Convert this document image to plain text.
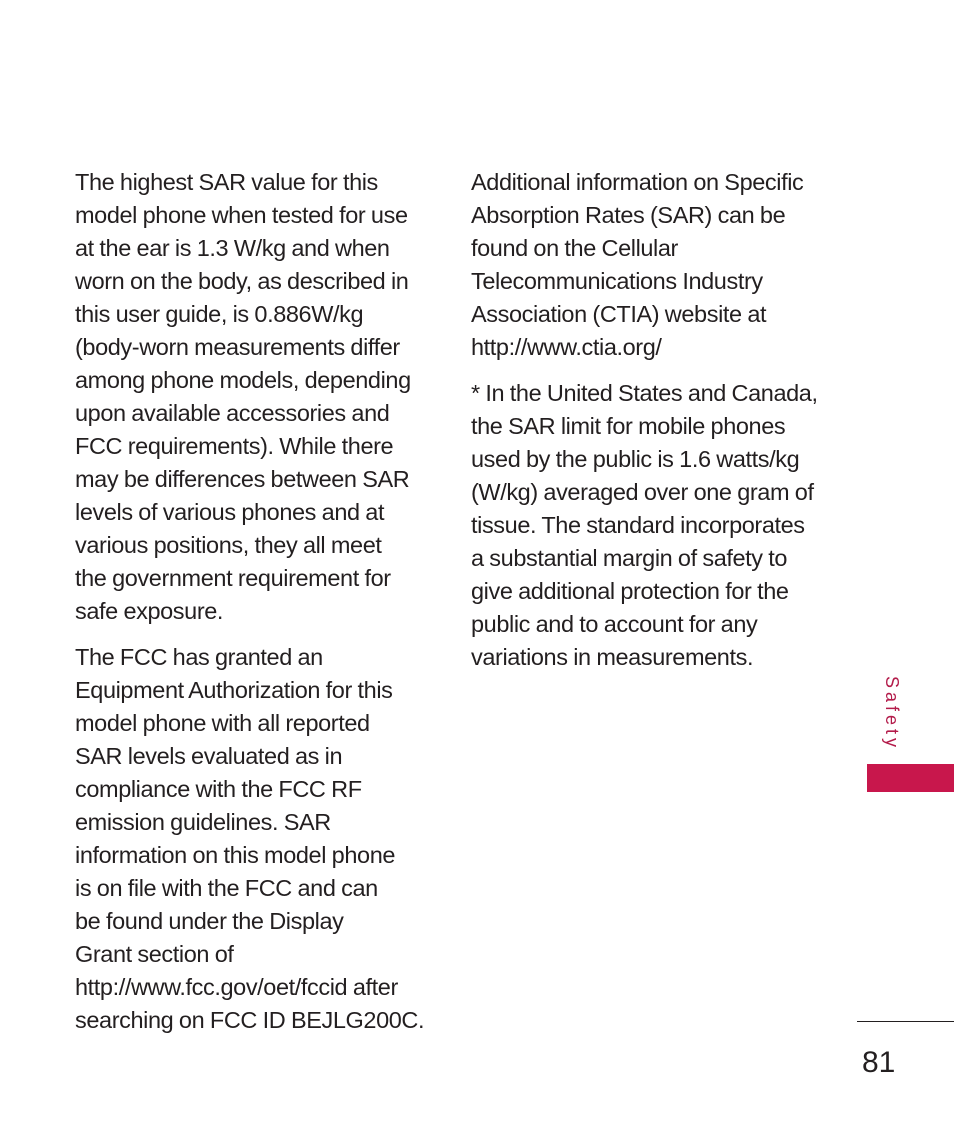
The highest SAR value for this
model phone when tested for use
at the ear is 1.3 W/kg and when
worn on the body, as described in
this user guide, is 0.886W/kg
(body-worn measurements differ
among phone models, depending
upon available accessories and
FCC requirements). While there
may be differences between SAR
levels of various phones and at
various positions, they all meet
the government requirement for
safe exposure.

The FCC has granted an
Equipment Authorization for this
model phone with all reported
SAR levels evaluated as in
compliance with the FCC RF
emission guidelines. SAR
information on this model phone
is on file with the FCC and can
be found under the Display
Grant section of
http://www.fcc.gov/oet/fccid after
searching on FCC ID BEJLG200C.

Additional information on Specific
Absorption Rates (SAR) can be
found on the Cellular
Telecommunications Industry
Association (CTIA) website at
http://www.ctia.org/

* In the United States and Canada,
the SAR limit for mobile phones
used by the public is 1.6 watts/kg
(W/kg) averaged over one gram of
tissue. The standard incorporates
a substantial margin of safety to
give additional protection for the
public and to account for any
variations in measurements.

Safety
81
